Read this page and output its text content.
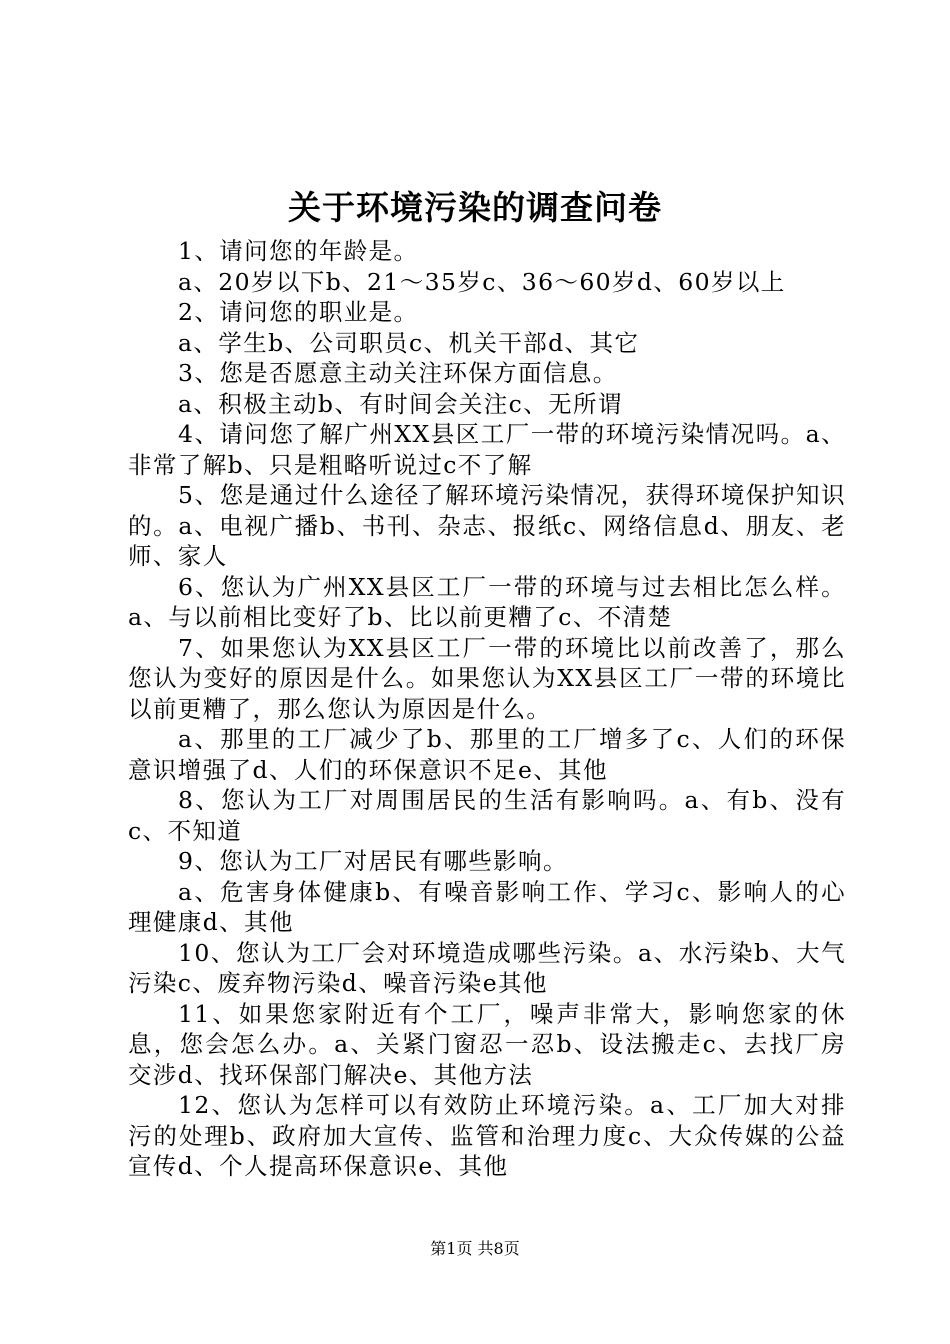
关于环境污染的调查问卷

1、请问您的年龄是。

a、20岁以下b、21～35岁c、36～60岁d、60岁以上

2、请问您的职业是。

a、学生b、公司职员c、机关干部d、其它

3、您是否愿意主动关注环保方面信息。

a、积极主动b、有时间会关注c、无所谓

4、请问您了解广州XX县区工厂一带的环境污染情况吗。a、非常了解b、只是粗略听说过c不了解

5、您是通过什么途径了解环境污染情况，获得环境保护知识的。a、电视广播b、书刊、杂志、报纸c、网络信息d、朋友、老师、家人

6、您认为广州XX县区工厂一带的环境与过去相比怎么样。a、与以前相比变好了b、比以前更糟了c、不清楚

7、如果您认为XX县区工厂一带的环境比以前改善了，那么您认为变好的原因是什么。如果您认为XX县区工厂一带的环境比以前更糟了，那么您认为原因是什么。

a、那里的工厂减少了b、那里的工厂增多了c、人们的环保意识增强了d、人们的环保意识不足e、其他

8、您认为工厂对周围居民的生活有影响吗。a、有b、没有c、不知道

9、您认为工厂对居民有哪些影响。

a、危害身体健康b、有噪音影响工作、学习c、影响人的心理健康d、其他

10、您认为工厂会对环境造成哪些污染。a、水污染b、大气污染c、废弃物污染d、噪音污染e其他

11、如果您家附近有个工厂，噪声非常大，影响您家的休息，您会怎么办。a、关紧门窗忍一忍b、设法搬走c、去找厂房交涉d、找环保部门解决e、其他方法

12、您认为怎样可以有效防止环境污染。a、工厂加大对排污的处理b、政府加大宣传、监管和治理力度c、大众传媒的公益宣传d、个人提高环保意识e、其他

第1页 共8页
